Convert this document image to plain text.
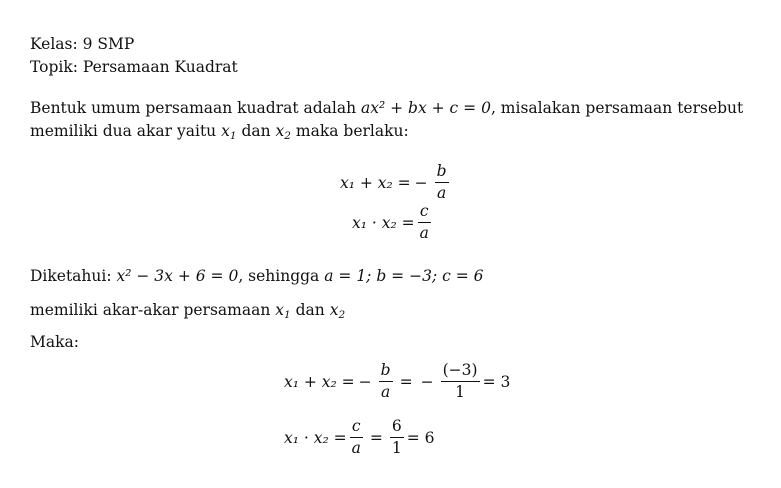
Kelas: 9 SMP
Topik: Persamaan Kuadrat
Bentuk umum persamaan kuadrat adalah ax² + bx + c = 0, misalakan persamaan tersebut
memiliki dua akar yaitu $x_1$ dan $x_2$ maka berlaku:
x₁ + x₂ = − $\frac{b}{a}$
$x_1 \cdot x_2 = \frac{c}{a}$
Diketahui: x² − 3x + 6 = 0, sehingga a = 1; b = −3; c = 6
memiliki akar-akar persamaan $x_1$ dan $x_2$
Maka:
x₁ + x₂ = − $\frac{b}{a}$ = − $\frac{(-3)}{1} = 3$
$x_1 \cdot x_2 = \frac{c}{a} = \frac{6}{1} = 6$
